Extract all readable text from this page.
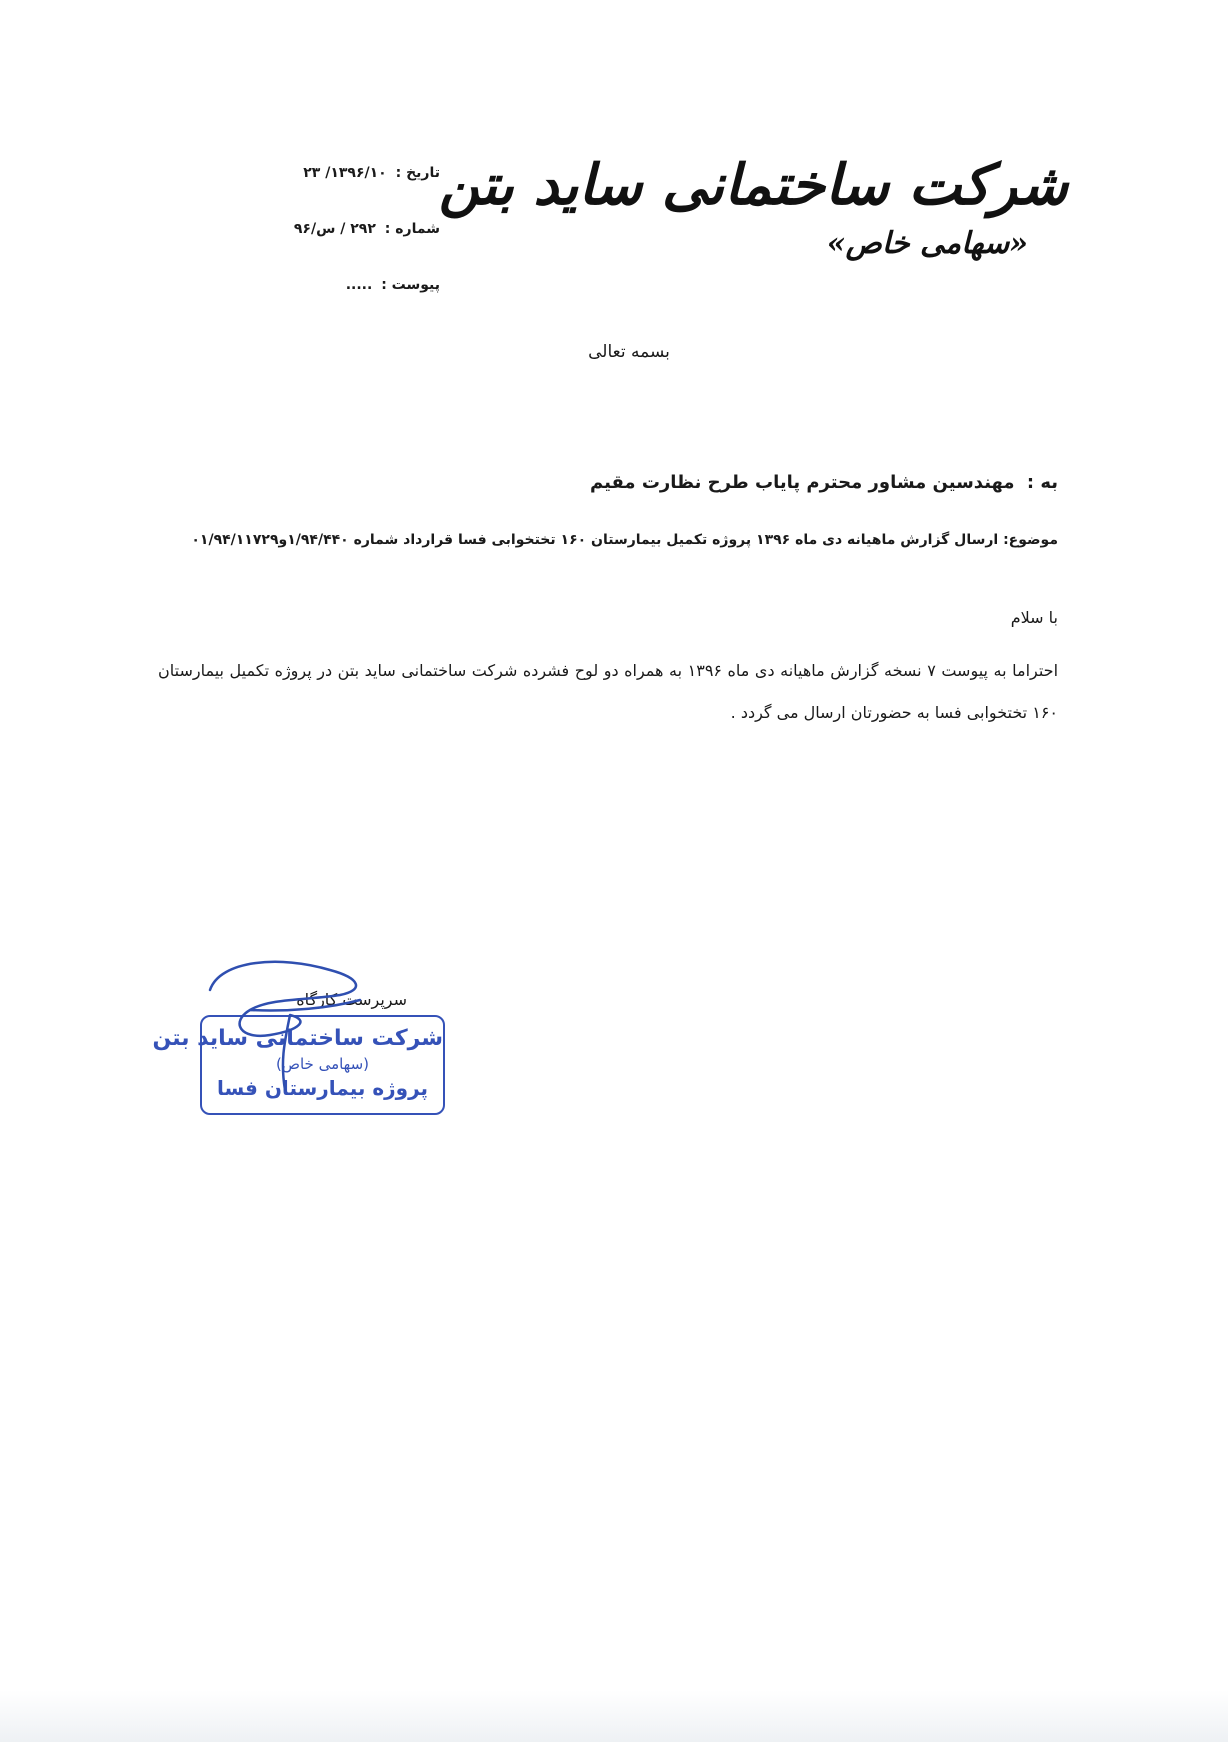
شرکت ساختمانی ساید بتن
«سهامی خاص»
تاریخ : ۱۳۹۶/۱۰/ ۲۳
شماره : ۲۹۲ / س/۹۶
پیوست : .....
بسمه تعالی
به : مهندسین مشاور محترم پایاب طرح نظارت مقیم
موضوع: ارسال گزارش ماهیانه دی ماه ۱۳۹۶ پروژه تکمیل بیمارستان ۱۶۰ تختخوابی فسا قرارداد شماره ۱/۹۴/۴۴۰و۰۱/۹۴/۱۱۷۲۹
با سلام
احتراما به پیوست ۷ نسخه گزارش ماهیانه دی ماه ۱۳۹۶ به همراه دو لوح فشرده شرکت ساختمانی ساید بتن در پروژه تکمیل بیمارستان ۱۶۰ تختخوابی فسا به حضورتان ارسال می گردد .
سرپرست کارگاه
شرکت ساختمانی ساید بتن
(سهامی خاص)
پروژه بیمارستان فسا
